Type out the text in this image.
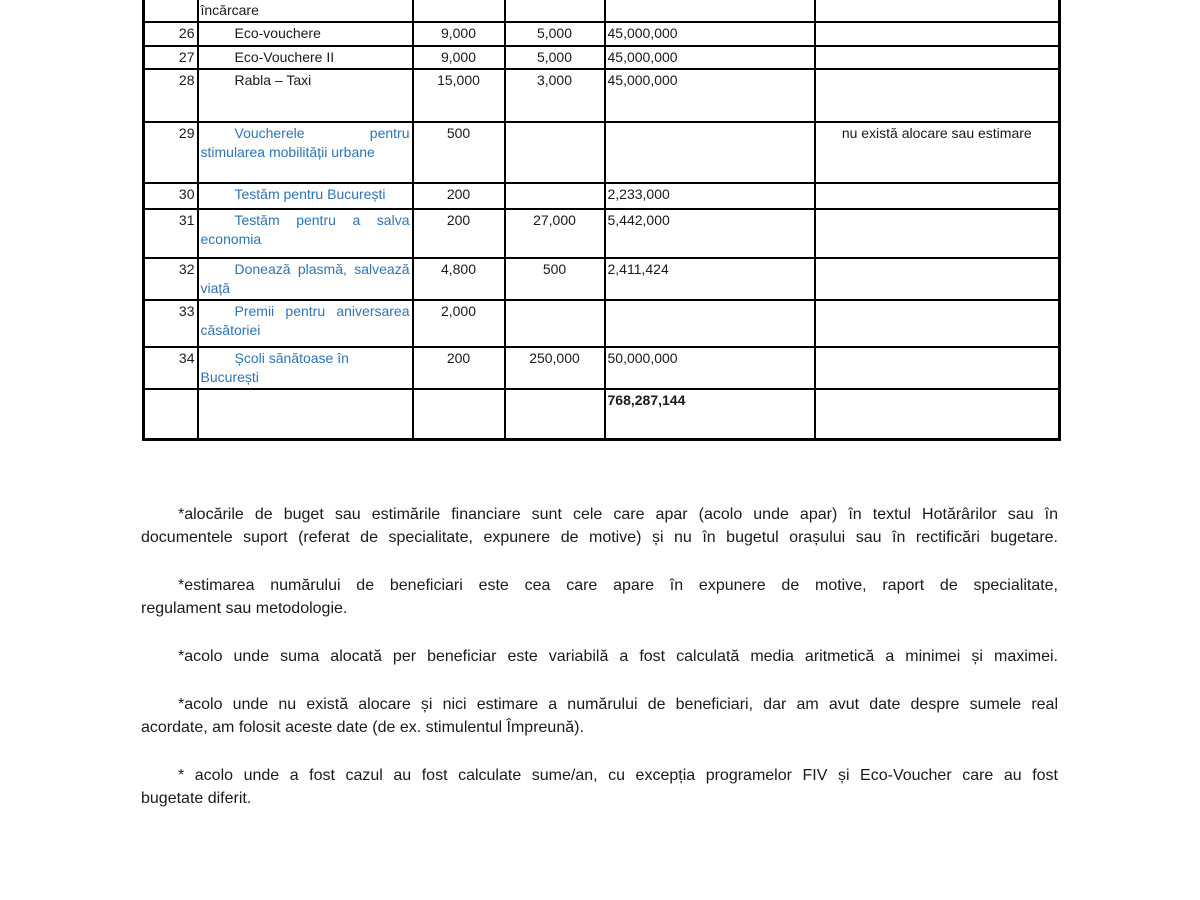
	încărcare				

26	Eco-vouchere	9,000	5,000	45,000,000	
27	Eco-Vouchere II	9,000	5,000	45,000,000	
28	Rabla – Taxi	15,000	3,000	45,000,000	
29	Voucherele pentru
stimularea mobilității urbane	500			nu există alocare sau estimare
30	Testăm pentru București	200		2,233,000	
31	Testăm pentru a salva
economia	200	27,000	5,442,000	
32	Donează plasmă, salvează
viață	4,800	500	2,411,424	
33	Premii pentru aniversarea
căsătoriei	2,000			
34	Școli sănătoase în București	200	250,000	50,000,000	
				768,287,144	
*alocările de buget sau estimările financiare sunt cele care apar (acolo unde apar) în textul Hotărârilor sau în
documentele suport (referat de specialitate, expunere de motive) și nu în bugetul orașului sau în rectificări bugetare.
*estimarea numărului de beneficiari este cea care apare în expunere de motive, raport de specialitate,
regulament sau metodologie.
*acolo unde suma alocată per beneficiar este variabilă a fost calculată media aritmetică a minimei și maximei.
*acolo unde nu există alocare și nici estimare a numărului de beneficiari, dar am avut date despre sumele real
acordate, am folosit aceste date (de ex. stimulentul Împreună).
* acolo unde a fost cazul au fost calculate sume/an, cu excepția programelor FIV și Eco-Voucher care au fost
bugetate diferit.
